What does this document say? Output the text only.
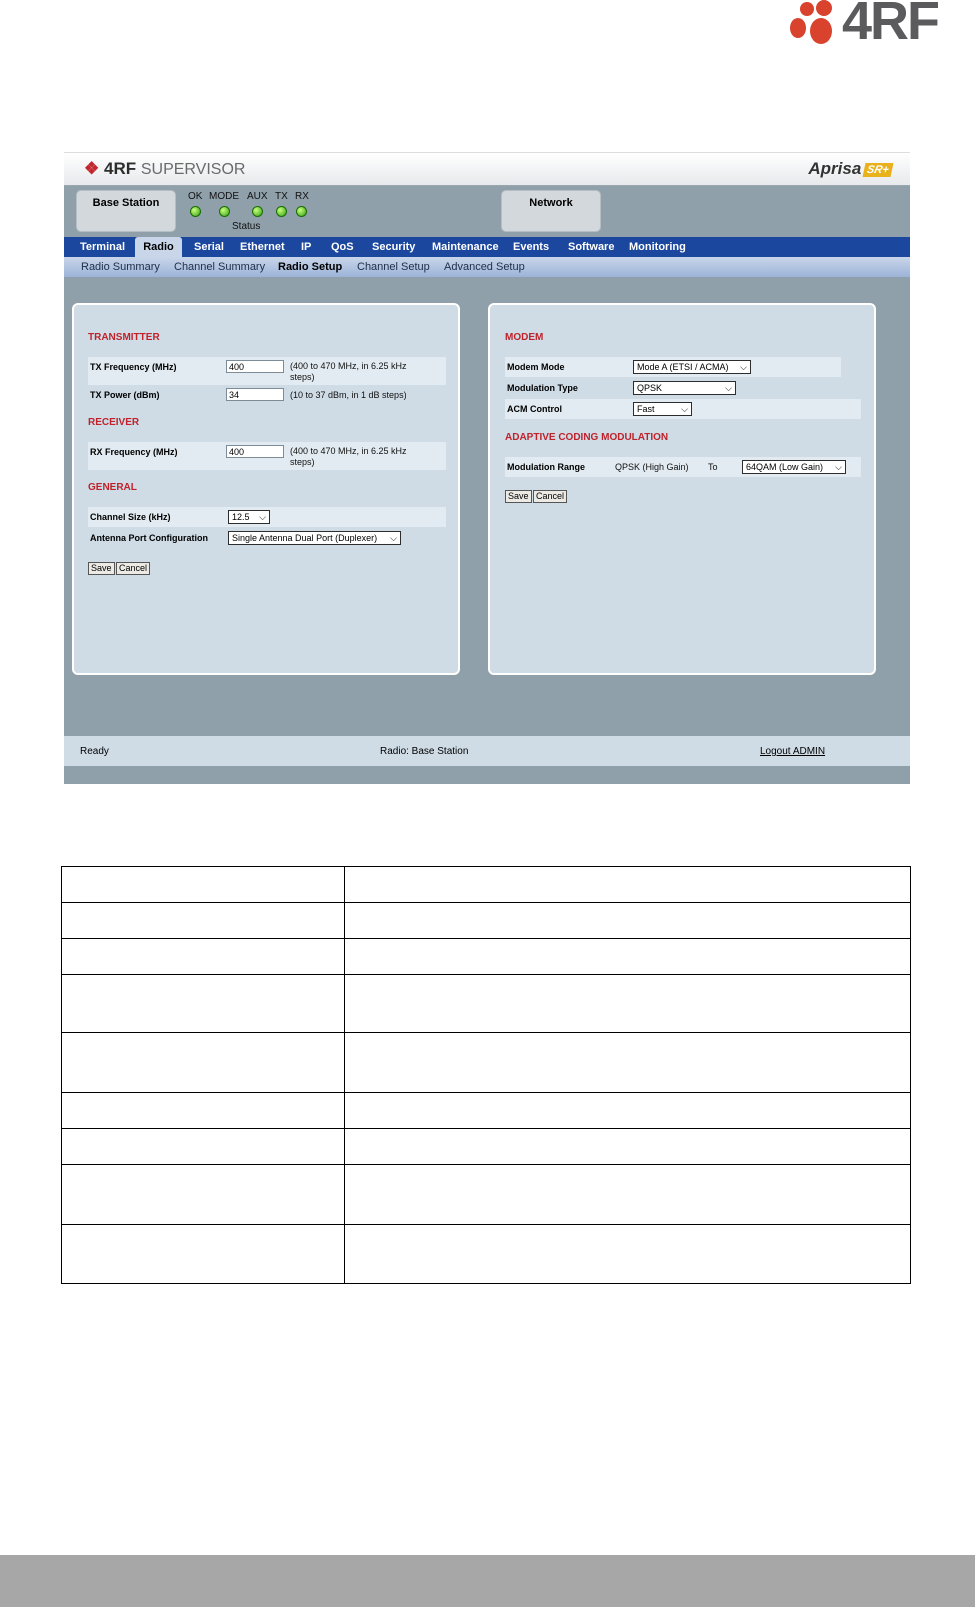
4RF
❖ 4RF SUPERVISOR	Aprisa SR+
Base Station
OK MODE AUX TX RX
Status
Network
Terminal	Radio	Serial	Ethernet	IP	QoS	Security	Maintenance	Events	Software	Monitoring
Radio Summary Channel Summary Radio Setup Channel Setup Advanced Setup
TRANSMITTER
TX Frequency (MHz)	400	(400 to 470 MHz, in 6.25 kHz
steps)
TX Power (dBm)	34	(10 to 37 dBm, in 1 dB steps)
RECEIVER
RX Frequency (MHz)	400	(400 to 470 MHz, in 6.25 kHz
steps)
GENERAL
Channel Size (kHz)	12.5 ⌵
Antenna Port Configuration	Single Antenna Dual Port (Duplexer) ⌵
Save Cancel
MODEM
Modem Mode	Mode A (ETSI / ACMA) ⌵
Modulation Type	QPSK	⌵
ACM Control	Fast	⌵
ADAPTIVE CODING MODULATION
Modulation Range	QPSK (High Gain) To	64QAM (Low Gain) ⌵
Save Cancel
Ready	Radio: Base Station	Logout ADMIN
